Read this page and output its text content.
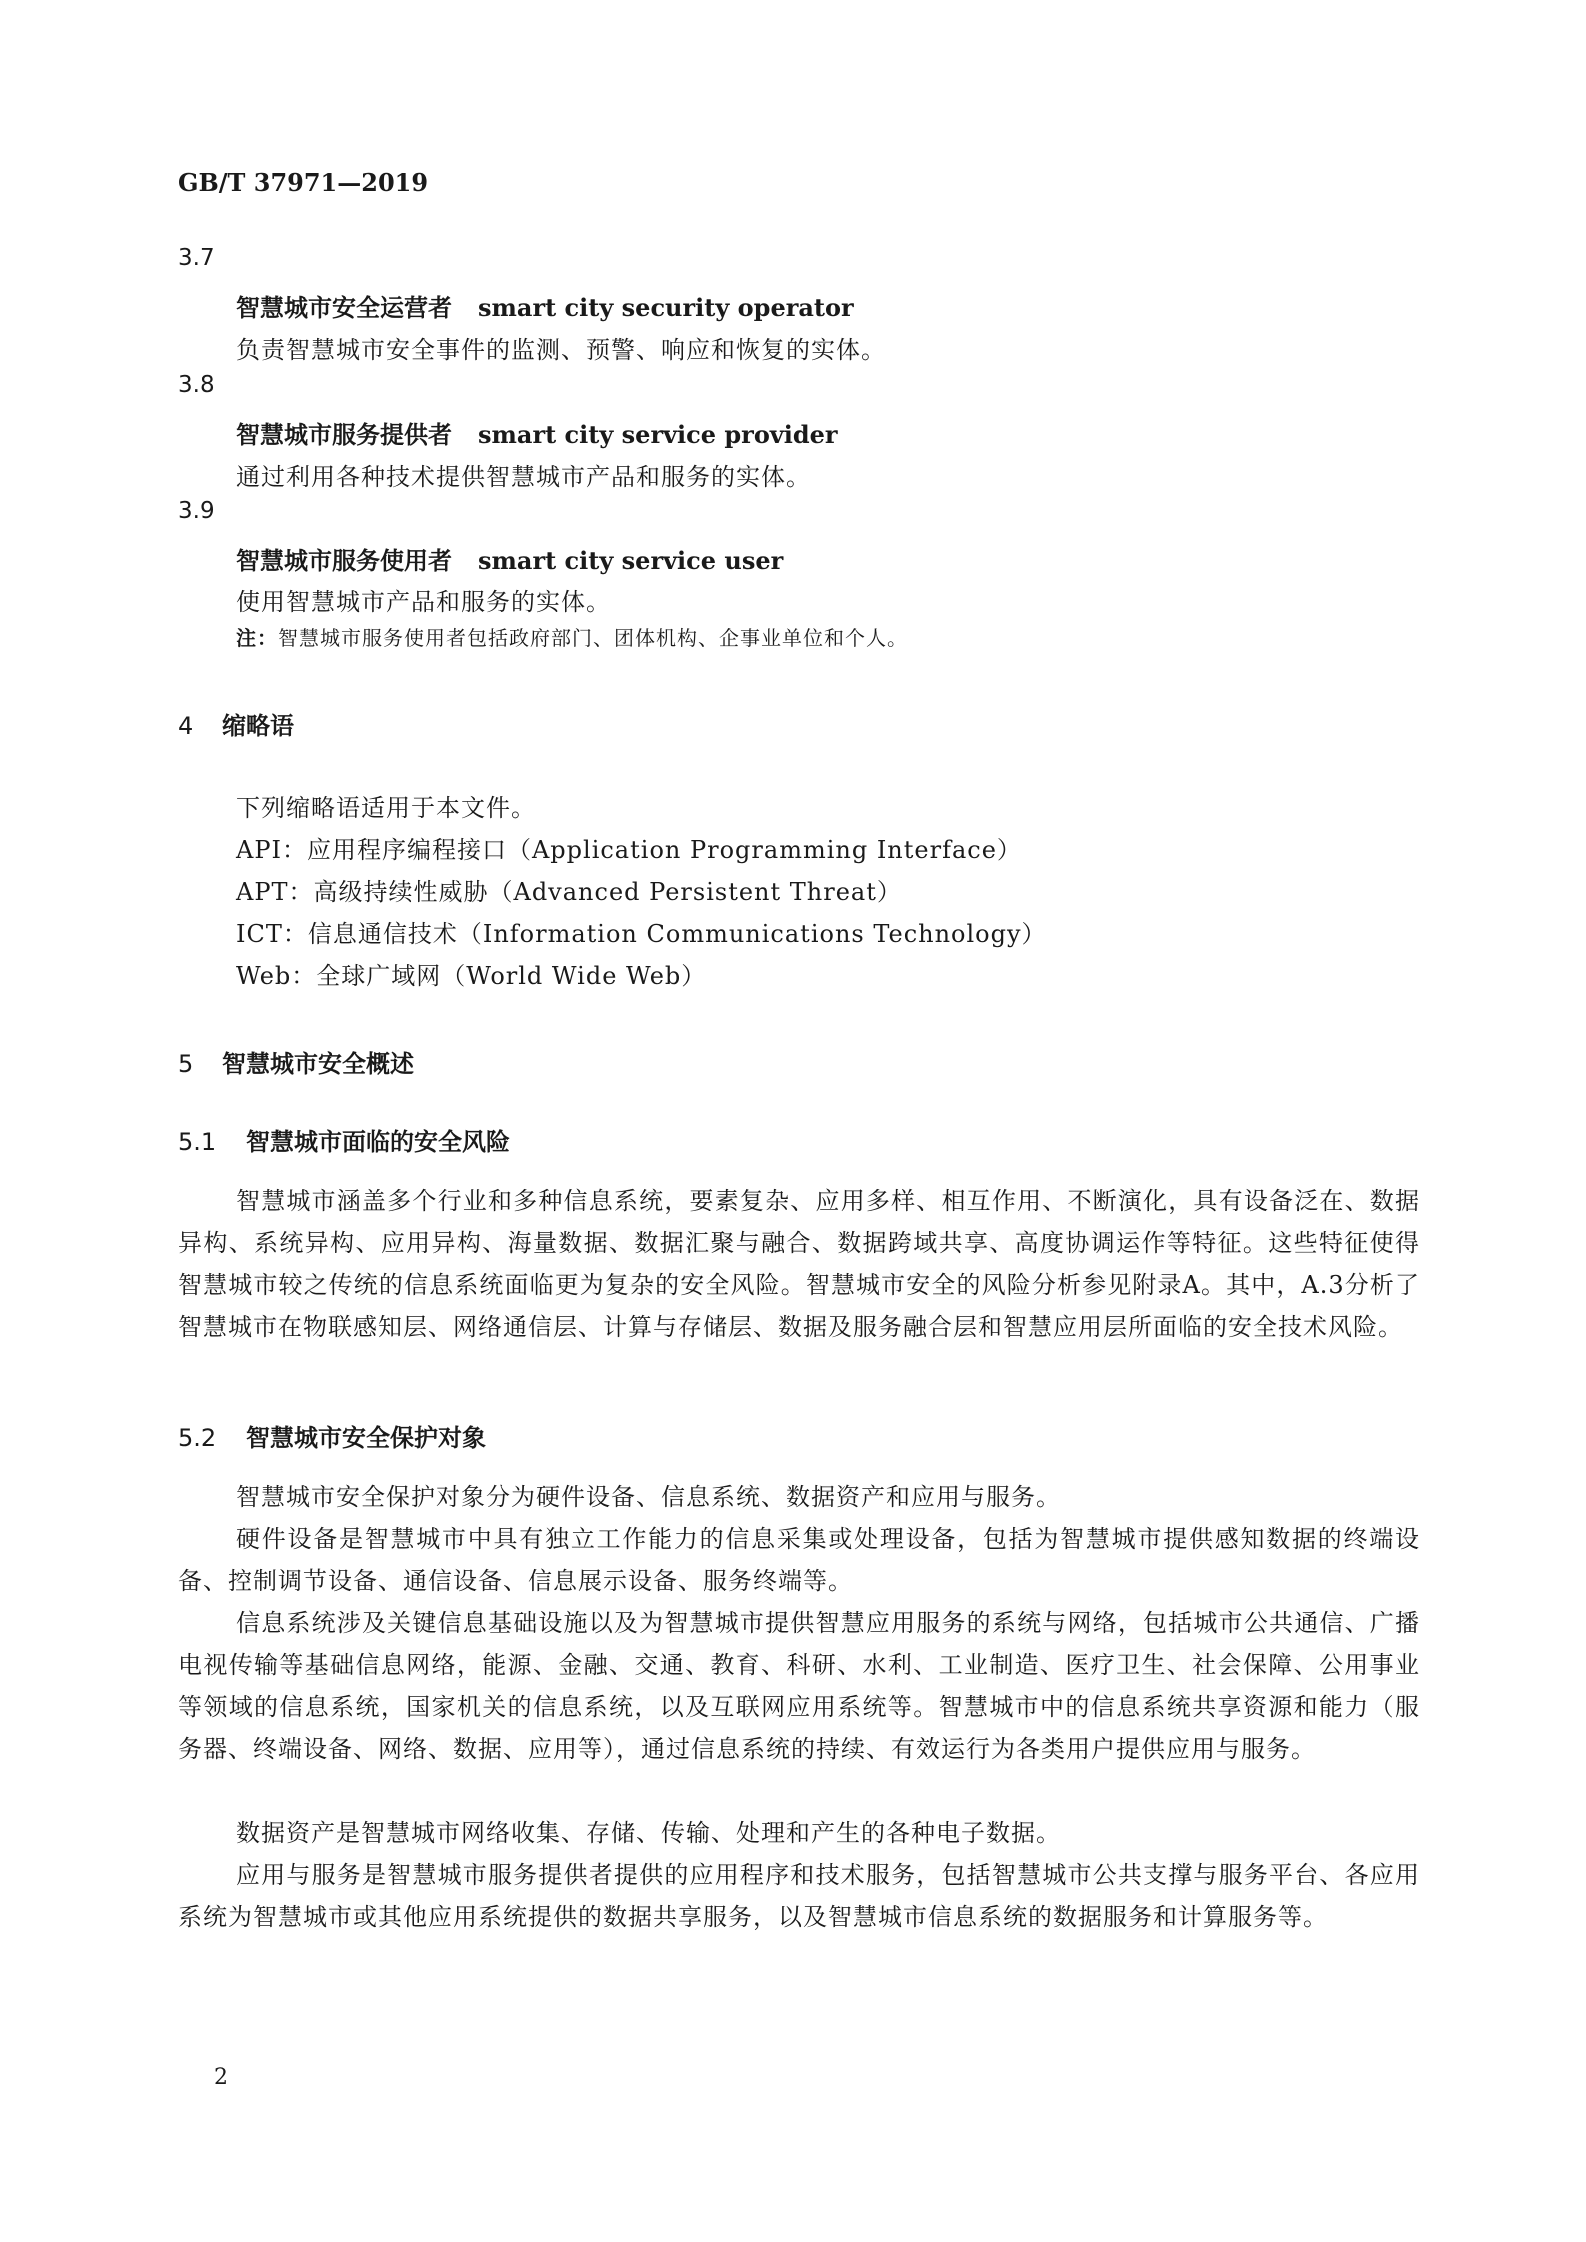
GB/T 37971—2019
3.7
智慧城市安全运营者 smart city security operator
负责智慧城市安全事件的监测、预警、响应和恢复的实体。
3.8
智慧城市服务提供者 smart city service provider
通过利用各种技术提供智慧城市产品和服务的实体。
3.9
智慧城市服务使用者 smart city service user
使用智慧城市产品和服务的实体。
注：智慧城市服务使用者包括政府部门、团体机构、企事业单位和个人。
4 缩略语
下列缩略语适用于本文件。
API：应用程序编程接口（Application Programming Interface）
APT：高级持续性威胁（Advanced Persistent Threat）
ICT：信息通信技术（Information Communications Technology）
Web：全球广域网（World Wide Web）
5 智慧城市安全概述
5.1 智慧城市面临的安全风险
智慧城市涵盖多个行业和多种信息系统，要素复杂、应用多样、相互作用、不断演化，具有设备泛在、数据异构、系统异构、应用异构、海量数据、数据汇聚与融合、数据跨域共享、高度协调运作等特征。这些特征使得智慧城市较之传统的信息系统面临更为复杂的安全风险。智慧城市安全的风险分析参见附录A。其中，A.3分析了智慧城市在物联感知层、网络通信层、计算与存储层、数据及服务融合层和智慧应用层所面临的安全技术风险。
5.2 智慧城市安全保护对象
智慧城市安全保护对象分为硬件设备、信息系统、数据资产和应用与服务。
硬件设备是智慧城市中具有独立工作能力的信息采集或处理设备，包括为智慧城市提供感知数据的终端设备、控制调节设备、通信设备、信息展示设备、服务终端等。
信息系统涉及关键信息基础设施以及为智慧城市提供智慧应用服务的系统与网络，包括城市公共通信、广播电视传输等基础信息网络，能源、金融、交通、教育、科研、水利、工业制造、医疗卫生、社会保障、公用事业等领域的信息系统，国家机关的信息系统，以及互联网应用系统等。智慧城市中的信息系统共享资源和能力（服务器、终端设备、网络、数据、应用等），通过信息系统的持续、有效运行为各类用户提供应用与服务。
数据资产是智慧城市网络收集、存储、传输、处理和产生的各种电子数据。
应用与服务是智慧城市服务提供者提供的应用程序和技术服务，包括智慧城市公共支撑与服务平台、各应用系统为智慧城市或其他应用系统提供的数据共享服务，以及智慧城市信息系统的数据服务和计算服务等。
2
